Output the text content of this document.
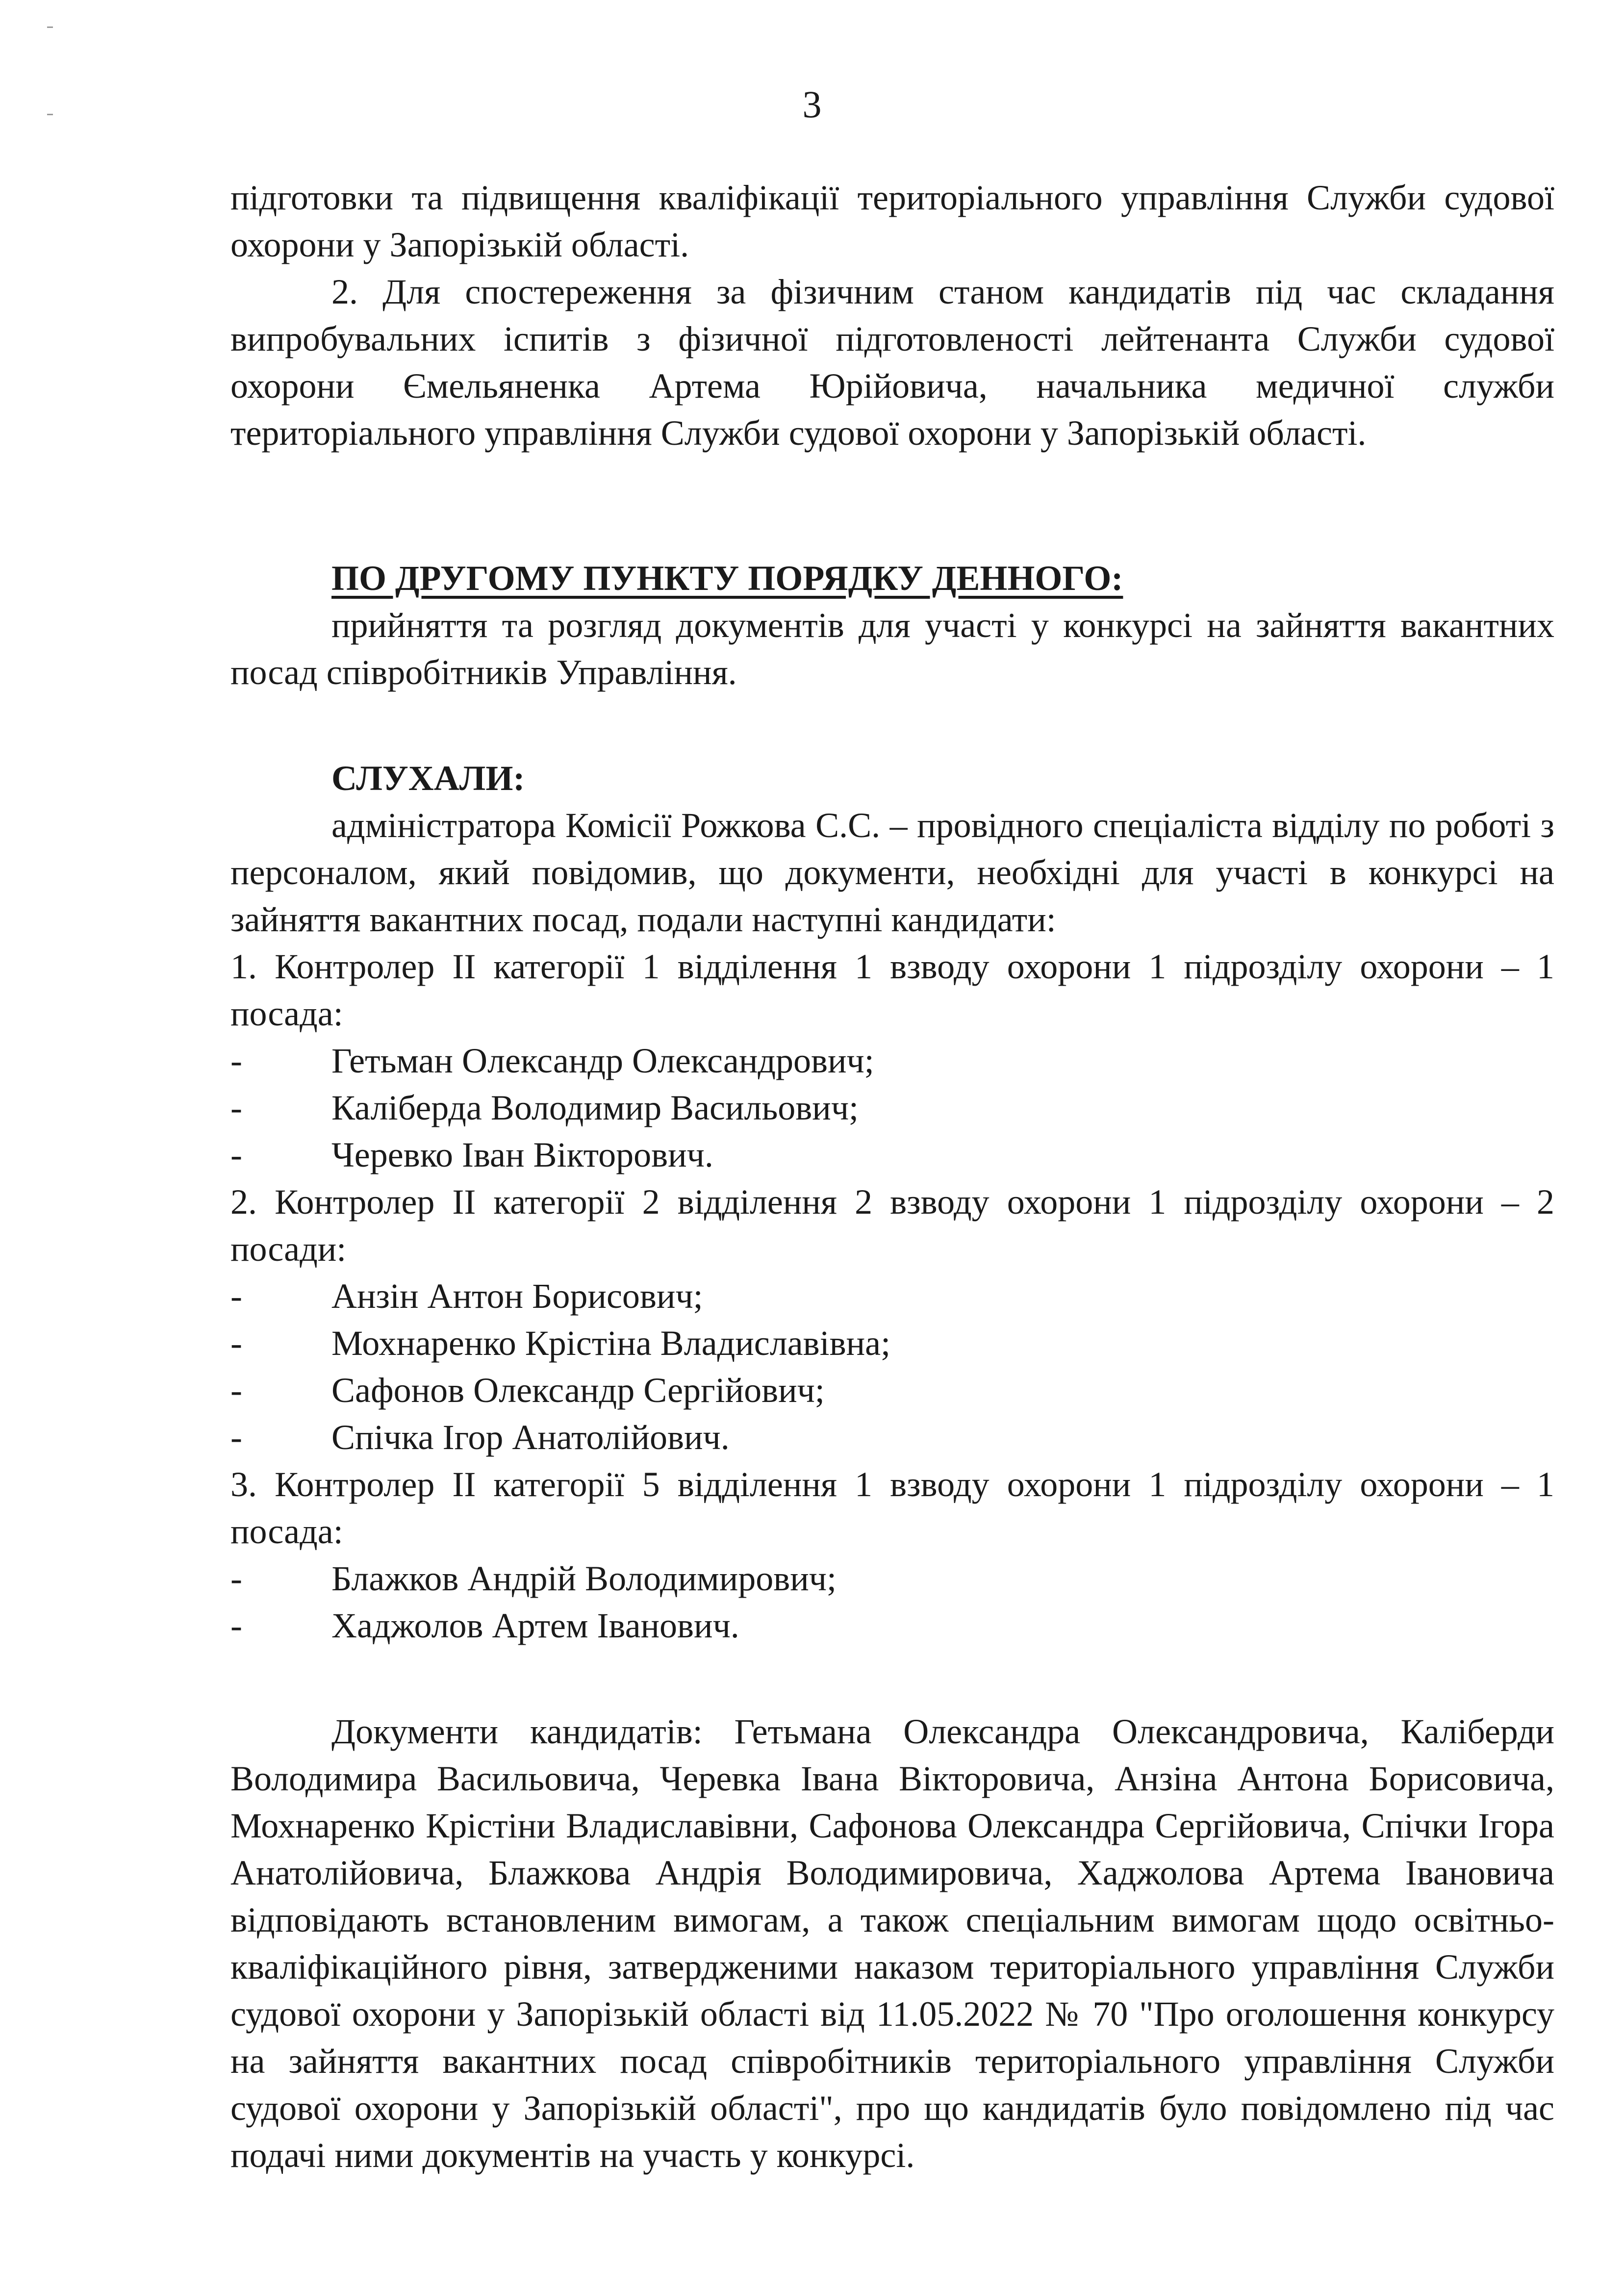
3

підготовки та підвищення кваліфікації територіального управління Служби судової охорони у Запорізькій області.

2. Для спостереження за фізичним станом кандидатів під час складання випробувальних іспитів з фізичної підготовленості лейтенанта Служби судової охорони Ємельяненка Артема Юрійовича, начальника медичної служби територіального управління Служби судової охорони у Запорізькій області.

ПО ДРУГОМУ ПУНКТУ ПОРЯДКУ ДЕННОГО:

прийняття та розгляд документів для участі у конкурсі на зайняття вакантних посад співробітників Управління.

СЛУХАЛИ:

адміністратора Комісії Рожкова С.С. – провідного спеціаліста відділу по роботі з персоналом, який повідомив, що документи, необхідні для участі в конкурсі на зайняття вакантних посад, подали наступні кандидати:

1. Контролер ІІ категорії 1 відділення 1 взводу охорони 1 підрозділу охорони – 1 посада:

-	Гетьман Олександр Олександрович;
-	Каліберда Володимир Васильович;
-	Черевко Іван Вікторович.

2. Контролер ІІ категорії 2 відділення 2 взводу охорони 1 підрозділу охорони – 2 посади:

-	Анзін Антон Борисович;
-	Мохнаренко Крістіна Владиславівна;
-	Сафонов Олександр Сергійович;
-	Спічка Ігор Анатолійович.

3. Контролер ІІ категорії 5 відділення 1 взводу охорони 1 підрозділу охорони – 1 посада:

-	Блажков Андрій Володимирович;
-	Хаджолов Артем Іванович.

Документи кандидатів: Гетьмана Олександра Олександровича, Каліберди Володимира Васильовича, Черевка Івана Вікторовича, Анзіна Антона Борисовича, Мохнаренко Крістіни Владиславівни, Сафонова Олександра Сергійовича, Спічки Ігора Анатолійовича, Блажкова Андрія Володимировича, Хаджолова Артема Івановича відповідають встановленим вимогам, а також спеціальним вимогам щодо освітньо-кваліфікаційного рівня, затвердженими наказом територіального управління Служби судової охорони у Запорізькій області від 11.05.2022 № 70 "Про оголошення конкурсу на зайняття вакантних посад співробітників територіального управління Служби судової охорони у Запорізькій області", про що кандидатів було повідомлено під час подачі ними документів на участь у конкурсі.
